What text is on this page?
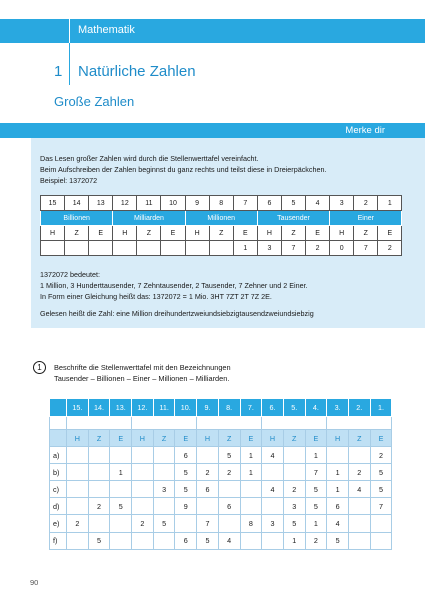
Mathematik
1 Natürliche Zahlen
Große Zahlen
Merke dir
Das Lesen großer Zahlen wird durch die Stellenwerttafel vereinfacht.
Beim Aufschreiben der Zahlen beginnst du ganz rechts und teilst diese in Dreierpäckchen.
Beispiel: 1372072
15	14	13	12	11	10	9	8	7	6	5	4	3	2	1
Billionen			Milliarden			Millionen			Tausender			Einer		
H	Z	E	H	Z	E	H	Z	E	H	Z	E	H	Z	E
								1	3	7	2	0	7	2
1372072 bedeutet:
1 Million, 3 Hunderttausender, 7 Zehntausender, 2 Tausender, 7 Zehner und 2 Einer.
In Form einer Gleichung heißt das: 1372072 = 1 Mio. 3HT 7ZT 2T 7Z 2E.
Gelesen heißt die Zahl: eine Million dreihundertzweiundsiebzigtausendzweiundsiebzig
1	Beschrifte die Stellenwerttafel mit den Bezeichnungen
Tausender – Billionen – Einer – Millionen – Milliarden.
	15.	14.	13.	12.	11.	10.	9.	8.	7.	6.	5.	4.	3.	2.	1.

	H	Z	E	H	Z	E	H	Z	E	H	Z	E	H	Z	E
a)						6		5	1	4		1			2
b)			1			5	2	2	1			7	1	2	5
c)					3	5	6			4	2	5	1	4	5
d)		2	5			9		6			3	5	6		7
e)	2			2	5		7		8	3	5	1	4		
f)		5				6	5	4			1	2	5		
90
